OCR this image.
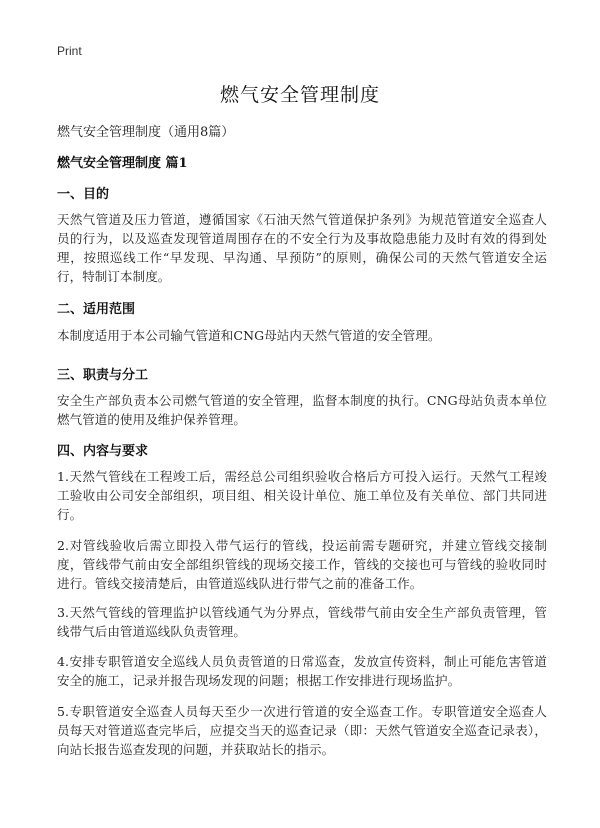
Print
燃气安全管理制度
燃气安全管理制度（通用8篇）
燃气安全管理制度 篇1
一、目的
天然气管道及压力管道，遵循国家《石油天然气管道保护条列》为规范管道安全巡查人员的行为，以及巡查发现管道周围存在的不安全行为及事故隐患能力及时有效的得到处理，按照巡线工作“早发现、早沟通、早预防”的原则，确保公司的天然气管道安全运行，特制订本制度。
二、适用范围
本制度适用于本公司输气管道和CNG母站内天然气管道的安全管理。
三、职责与分工
安全生产部负责本公司燃气管道的安全管理，监督本制度的执行。CNG母站负责本单位燃气管道的使用及维护保养管理。
四、内容与要求
1.天然气管线在工程竣工后，需经总公司组织验收合格后方可投入运行。天然气工程竣工验收由公司安全部组织，项目组、相关设计单位、施工单位及有关单位、部门共同进行。
2.对管线验收后需立即投入带气运行的管线，投运前需专题研究，并建立管线交接制度，管线带气前由安全部组织管线的现场交接工作，管线的交接也可与管线的验收同时进行。管线交接清楚后，由管道巡线队进行带气之前的准备工作。
3.天然气管线的管理监护以管线通气为分界点，管线带气前由安全生产部负责管理，管线带气后由管道巡线队负责管理。
4.安排专职管道安全巡线人员负责管道的日常巡查，发放宣传资料，制止可能危害管道安全的施工，记录并报告现场发现的问题；根据工作安排进行现场监护。
5.专职管道安全巡查人员每天至少一次进行管道的安全巡查工作。专职管道安全巡查人员每天对管道巡查完毕后，应提交当天的巡查记录（即：天然气管道安全巡查记录表），向站长报告巡查发现的问题，并获取站长的指示。
